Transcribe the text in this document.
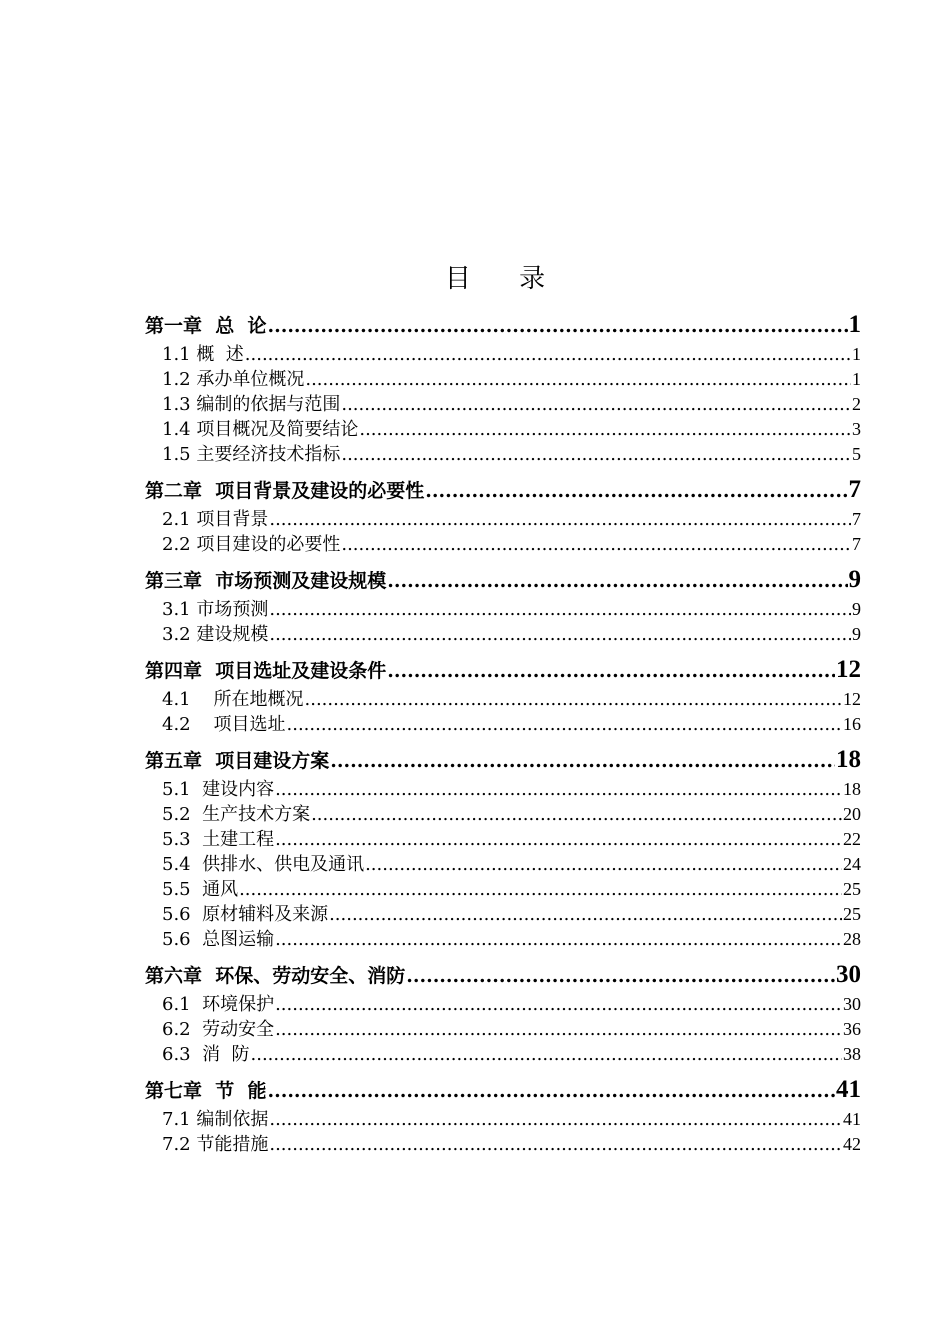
目 录
第一章  总  论 .....	1
1.1 概  述 .....	1
1.2 承办单位概况 .....	1
1.3 编制的依据与范围 .....	2
1.4 项目概况及简要结论 .....	3
1.5 主要经济技术指标 .....	5
第二章  项目背景及建设的必要性 .....	7
2.1 项目背景 .....	7
2.2 项目建设的必要性 .....	7
第三章  市场预测及建设规模 .....	9
3.1 市场预测 .....	9
3.2 建设规模 .....	9
第四章  项目选址及建设条件 .....	12
4.1    所在地概况 .....	12
4.2    项目选址 .....	16
第五章  项目建设方案 .....	18
5.1  建设内容 .....	18
5.2  生产技术方案 .....	20
5.3  土建工程 .....	22
5.4  供排水、供电及通讯 .....	24
5.5  通风 .....	25
5.6  原材辅料及来源 .....	25
5.6  总图运输 .....	28
第六章  环保、劳动安全、消防 .....	30
6.1  环境保护 .....	30
6.2  劳动安全 .....	36
6.3  消  防 .....	38
第七章  节  能 .....	41
7.1 编制依据 .....	41
7.2 节能措施 .....	42
